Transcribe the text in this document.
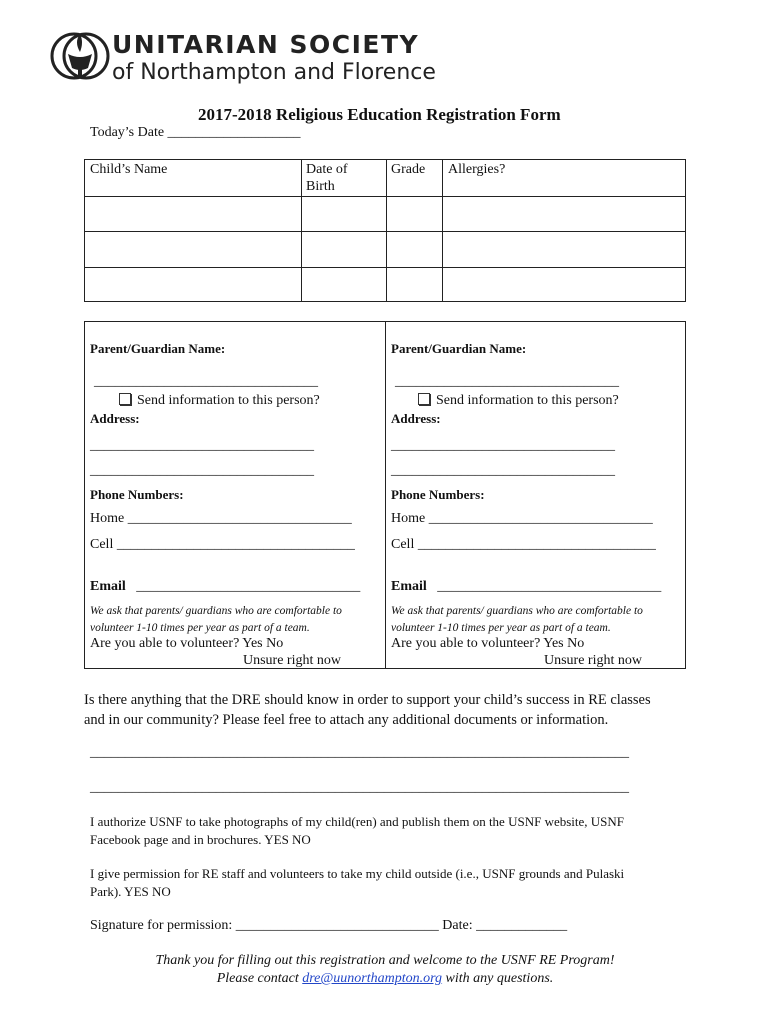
UNITARIAN SOCIETY
of Northampton and Florence
2017-2018 Religious Education Registration Form
Today’s Date ___________________
Child’s Name	Date of
Birth
Grade Allergies?
Parent/Guardian Name:
________________________________
Send information to this person?
Address:
________________________________
________________________________
Phone Numbers:
Home ________________________________
Cell __________________________________
Email ________________________________
We ask that parents/ guardians who are comfortable to
volunteer 1-10 times per year as part of a team.
Are you able to volunteer? Yes No
Unsure right now
Parent/Guardian Name:
________________________________
Send information to this person?
Address:
________________________________
________________________________
Phone Numbers:
Home ________________________________
Cell __________________________________
Email ________________________________
We ask that parents/ guardians who are comfortable to
volunteer 1-10 times per year as part of a team.
Are you able to volunteer? Yes No
Unsure right now
Is there anything that the DRE should know in order to support your child’s success in RE classes
and in our community? Please feel free to attach any additional documents or information.
_____________________________________________________________________________
_____________________________________________________________________________
I authorize USNF to take photographs of my child(ren) and publish them on the USNF website, USNF
Facebook page and in brochures. YES NO
I give permission for RE staff and volunteers to take my child outside (i.e., USNF grounds and Pulaski
Park). YES NO
Signature for permission: _____________________________ Date: _____________
Thank you for filling out this registration and welcome to the USNF RE Program!
Please contact dre@uunorthampton.org with any questions.
